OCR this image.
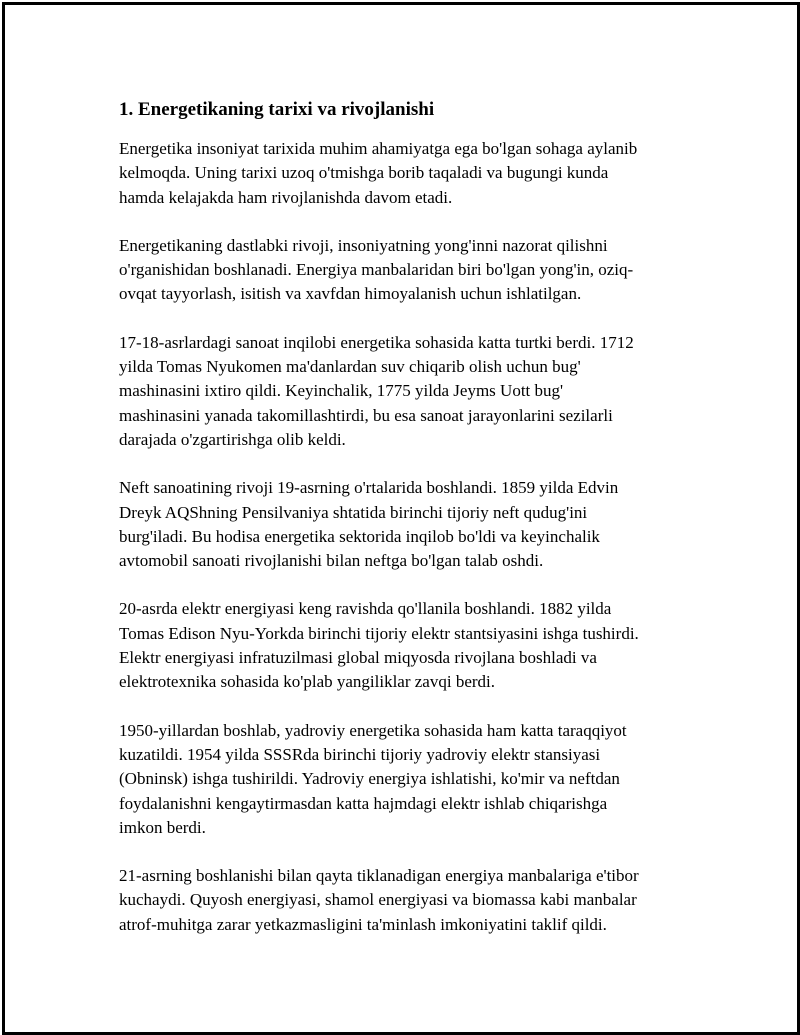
1. Energetikaning tarixi va rivojlanishi

Energetika insoniyat tarixida muhim ahamiyatga ega bo'lgan sohaga aylanib
kelmoqda. Uning tarixi uzoq o'tmishga borib taqaladi va bugungi kunda
hamda kelajakda ham rivojlanishda davom etadi.

Energetikaning dastlabki rivoji, insoniyatning yong'inni nazorat qilishni
o'rganishidan boshlanadi. Energiya manbalaridan biri bo'lgan yong'in, oziq-
ovqat tayyorlash, isitish va xavfdan himoyalanish uchun ishlatilgan.

17-18-asrlardagi sanoat inqilobi energetika sohasida katta turtki berdi. 1712
yilda Tomas Nyukomen ma'danlardan suv chiqarib olish uchun bug'
mashinasini ixtiro qildi. Keyinchalik, 1775 yilda Jeyms Uott bug'
mashinasini yanada takomillashtirdi, bu esa sanoat jarayonlarini sezilarli
darajada o'zgartirishga olib keldi.

Neft sanoatining rivoji 19-asrning o'rtalarida boshlandi. 1859 yilda Edvin
Dreyk AQShning Pensilvaniya shtatida birinchi tijoriy neft qudug'ini
burg'iladi. Bu hodisa energetika sektorida inqilob bo'ldi va keyinchalik
avtomobil sanoati rivojlanishi bilan neftga bo'lgan talab oshdi.

20-asrda elektr energiyasi keng ravishda qo'llanila boshlandi. 1882 yilda
Tomas Edison Nyu-Yorkda birinchi tijoriy elektr stantsiyasini ishga tushirdi.
Elektr energiyasi infratuzilmasi global miqyosda rivojlana boshladi va
elektrotexnika sohasida ko'plab yangiliklar zavqi berdi.

1950-yillardan boshlab, yadroviy energetika sohasida ham katta taraqqiyot
kuzatildi. 1954 yilda SSSRda birinchi tijoriy yadroviy elektr stansiyasi
(Obninsk) ishga tushirildi. Yadroviy energiya ishlatishi, ko'mir va neftdan
foydalanishni kengaytirmasdan katta hajmdagi elektr ishlab chiqarishga
imkon berdi.

21-asrning boshlanishi bilan qayta tiklanadigan energiya manbalariga e'tibor
kuchaydi. Quyosh energiyasi, shamol energiyasi va biomassa kabi manbalar
atrof-muhitga zarar yetkazmasligini ta'minlash imkoniyatini taklif qildi.
